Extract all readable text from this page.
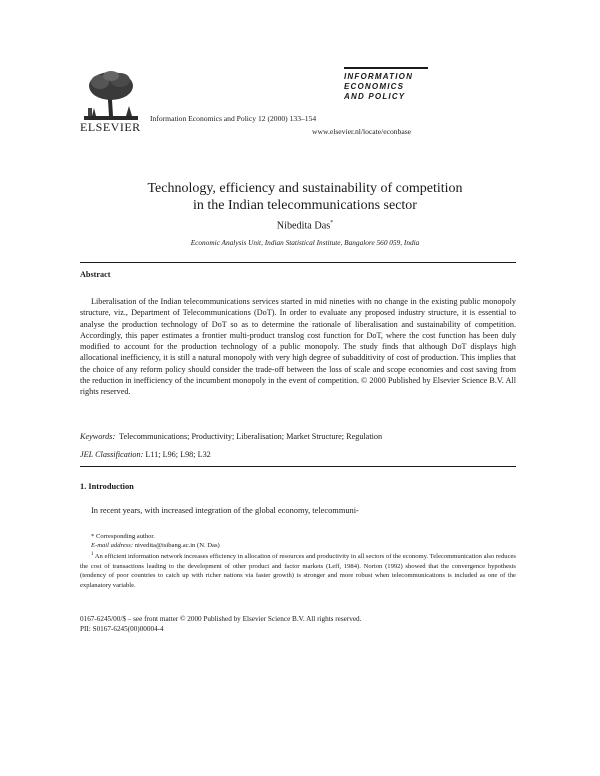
ELSEVIER
Information Economics and Policy 12 (2000) 133–154
www.elsevier.nl/locate/econbase
INFORMATION
ECONOMICS
AND POLICY
Technology, efficiency and sustainability of competition
in the Indian telecommunications sector
Nibedita Das*
Economic Analysis Unit, Indian Statistical Institute, Bangalore 560 059, India
Abstract

Liberalisation of the Indian telecommunications services started in mid nineties with no change in the existing public monopoly structure, viz., Department of Telecommunications (DoT). In order to evaluate any proposed industry structure, it is essential to analyse the production technology of DoT so as to determine the rationale of liberalisation and sustainability of competition. Accordingly, this paper estimates a frontier multi-product translog cost function for DoT, where the cost function has been duly modified to account for the production technology of a public monopoly. The study finds that although DoT displays high allocational inefficiency, it is still a natural monopoly with very high degree of subadditivity of cost of production. This implies that the choice of any reform policy should consider the trade-off between the loss of scale and scope economies and cost saving from the reduction in inefficiency of the incumbent monopoly in the event of competition. © 2000 Published by Elsevier Science B.V. All rights reserved.

Keywords: Telecommunications; Productivity; Liberalisation; Market Structure; Regulation
JEL Classification: L11; L96; L98; L32
1. Introduction
In recent years, with increased integration of the global economy, telecommuni-
* Corresponding author.
E-mail address: nivedita@isibang.ac.in (N. Das)

$^1$ An efficient information network increases efficiency in allocation of resources and productivity in all sectors of the economy. Telecommunication also reduces the cost of transactions leading to the development of other product and factor markets (Leff, 1984). Norton (1992) showed that the convergence hypothesis (tendency of poor countries to catch up with richer nations via faster growth) is stronger and more robust when telecommunications is included as one of the explanatory variable.

0167-6245/00/$ – see front matter © 2000 Published by Elsevier Science B.V. All rights reserved.
PII: S0167-6245(00)00004-4
